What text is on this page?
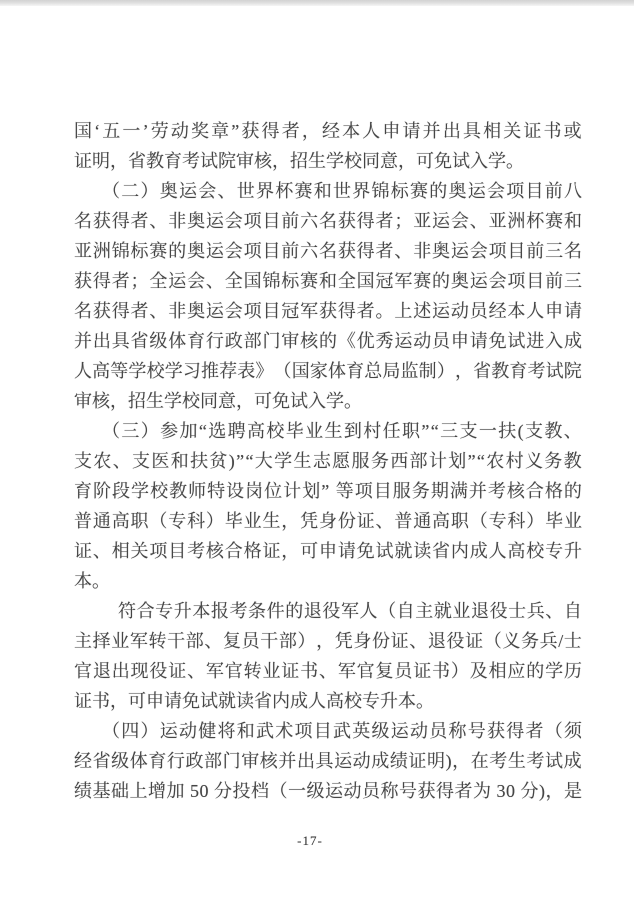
国 ‘ 五 一 ’ 劳 动 奖 章 ” 获 得 者 ， 经 本 人 申 请 并 出 具 相 关 证 书 或
证明，省教育考试院审核，招生学校同意，可免试入学。
（ 二 ） 奥 运 会 、 世 界 杯 赛 和 世 界 锦 标 赛 的 奥 运 会 项 目 前 八
名 获 得 者 、 非 奥 运 会 项 目 前 六 名 获 得 者 ； 亚 运 会 、 亚 洲 杯 赛 和
亚 洲 锦 标 赛 的 奥 运 会 项 目 前 六 名 获 得 者 、 非 奥 运 会 项 目 前 三 名
获 得 者 ； 全 运 会 、 全 国 锦 标 赛 和 全 国 冠 军 赛 的 奥 运 会 项 目 前 三
名 获 得 者 、 非 奥 运 会 项 目 冠 军 获 得 者 。 上 述 运 动 员 经 本 人 申 请
并 出 具 省 级 体 育 行 政 部 门 审 核 的 《 优 秀 运 动 员 申 请 免 试 进 入 成
人 高 等 学 校 学 习 推 荐 表 》 （ 国 家 体 育 总 局 监 制 ） ， 省 教 育 考 试 院
审核，招生学校同意，可免试入学。
（ 三 ） 参 加 “ 选 聘 高 校 毕 业 生 到 村 任 职 ” “ 三 支 一 扶 ( 支 教 、
支 农 、 支 医 和 扶 贫 ) ” “ 大 学 生 志 愿 服 务 西 部 计 划 ” “ 农 村 义 务 教
育 阶 段 学 校 教 师 特 设 岗 位 计 划 ”
等 项 目 服 务 期 满 并 考 核 合 格 的
普 通 高 职 （ 专 科 ） 毕 业 生 ， 凭 身 份 证 、 普 通 高 职 （ 专 科 ） 毕 业
证 、 相 关 项 目 考 核 合 格 证 ， 可 申 请 免 试 就 读 省 内 成 人 高 校 专 升
本。
符 合 专 升 本 报 考 条 件 的 退 役 军 人 （ 自 主 就 业 退 役 士 兵 、 自
主 择 业 军 转 干 部 、 复 员 干 部 ） ， 凭 身 份 证 、 退 役 证 （ 义 务 兵 / 士
官 退 出 现 役 证 、 军 官 转 业 证 书 、 军 官 复 员 证 书 ） 及 相 应 的 学 历
证书，可申请免试就读省内成人高校专升本。
（ 四 ） 运 动 健 将 和 武 术 项 目 武 英 级 运 动 员 称 号 获 得 者 （ 须
经 省 级 体 育 行 政 部 门 审 核 并 出 具 运 动 成 绩 证 明 ) ， 在 考 生 考 试 成
绩 基 础 上 增 加
5 0
分 投 档 （ 一 级 运 动 员 称 号 获 得 者 为
3 0
分 ) ， 是
-17-
